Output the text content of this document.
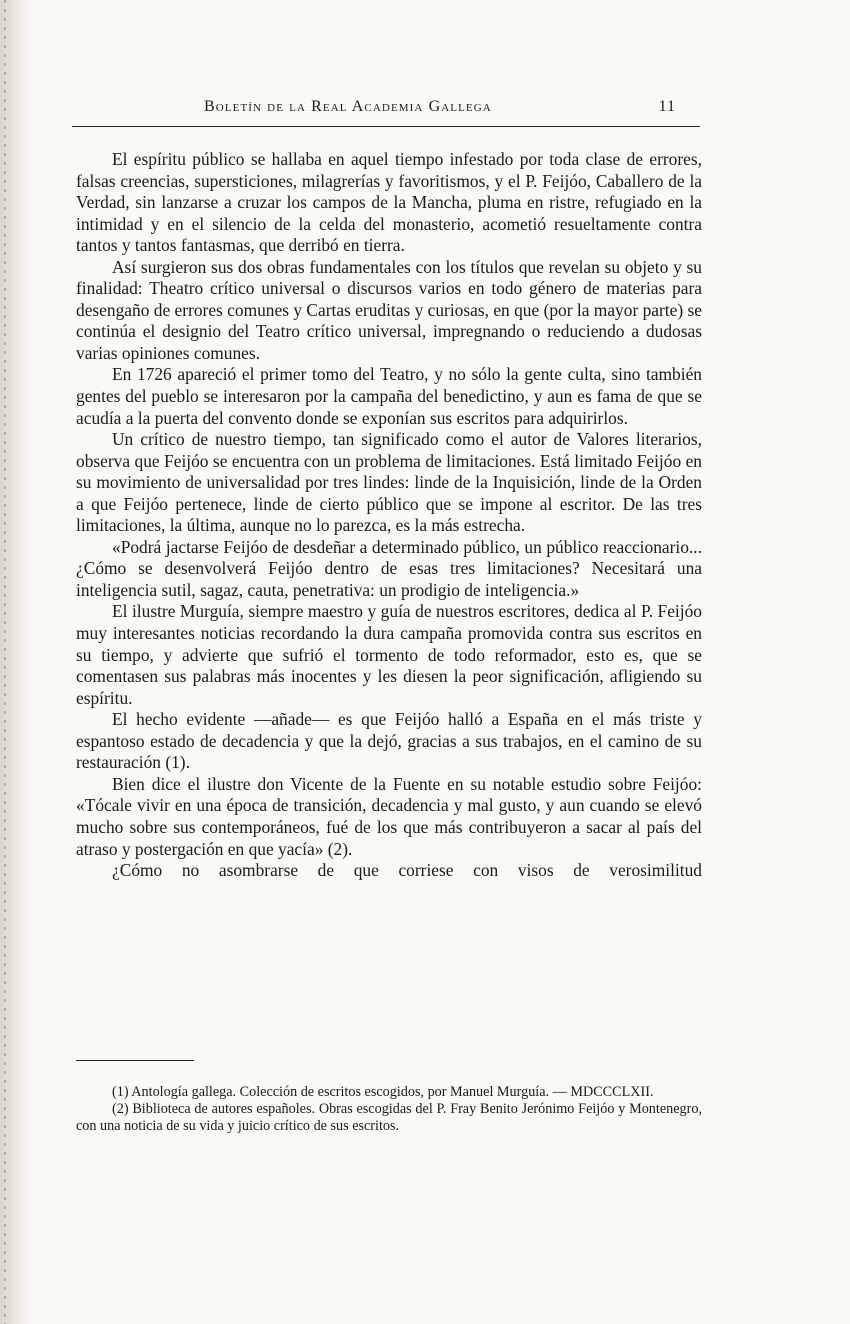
Boletín de la Real Academia Gallega	11

El espíritu público se hallaba en aquel tiempo infestado por toda clase de errores, falsas creencias, supersticiones, milagrerías y favoritismos, y el P. Feijóo, Caballero de la Verdad, sin lanzarse a cruzar los campos de la Mancha, pluma en ristre, refugiado en la intimidad y en el silencio de la celda del monasterio, acometió resueltamente contra tantos y tantos fantasmas, que derribó en tierra.

Así surgieron sus dos obras fundamentales con los títulos que revelan su objeto y su finalidad: Theatro crítico universal o discursos varios en todo género de materias para desengaño de errores comunes y Cartas eruditas y curiosas, en que (por la mayor parte) se continúa el designio del Teatro crítico universal, impregnando o reduciendo a dudosas varias opiniones comunes.

En 1726 apareció el primer tomo del Teatro, y no sólo la gente culta, sino también gentes del pueblo se interesaron por la campaña del benedictino, y aun es fama de que se acudía a la puerta del convento donde se exponían sus escritos para adquirirlos.

Un crítico de nuestro tiempo, tan significado como el autor de Valores literarios, observa que Feijóo se encuentra con un problema de limitaciones. Está limitado Feijóo en su movimiento de universalidad por tres lindes: linde de la Inquisición, linde de la Orden a que Feijóo pertenece, linde de cierto público que se impone al escritor. De las tres limitaciones, la última, aunque no lo parezca, es la más estrecha.

«Podrá jactarse Feijóo de desdeñar a determinado público, un público reaccionario... ¿Cómo se desenvolverá Feijóo dentro de esas tres limitaciones? Necesitará una inteligencia sutil, sagaz, cauta, penetrativa: un prodigio de inteligencia.»

El ilustre Murguía, siempre maestro y guía de nuestros escritores, dedica al P. Feijóo muy interesantes noticias recordando la dura campaña promovida contra sus escritos en su tiempo, y advierte que sufrió el tormento de todo reformador, esto es, que se comentasen sus palabras más inocentes y les diesen la peor significación, afligiendo su espíritu.

El hecho evidente —añade— es que Feijóo halló a España en el más triste y espantoso estado de decadencia y que la dejó, gracias a sus trabajos, en el camino de su restauración (1).

Bien dice el ilustre don Vicente de la Fuente en su notable estudio sobre Feijóo: «Tócale vivir en una época de transición, decadencia y mal gusto, y aun cuando se elevó mucho sobre sus contemporáneos, fué de los que más contribuyeron a sacar al país del atraso y postergación en que yacía» (2).

¿Cómo no asombrarse de que corriese con visos de verosimilitud

(1) Antología gallega. Colección de escritos escogidos, por Manuel Murguía. — MDCCCLXII.

(2) Biblioteca de autores españoles. Obras escogidas del P. Fray Benito Jerónimo Feijóo y Montenegro, con una noticia de su vida y juicio crítico de sus escritos.
